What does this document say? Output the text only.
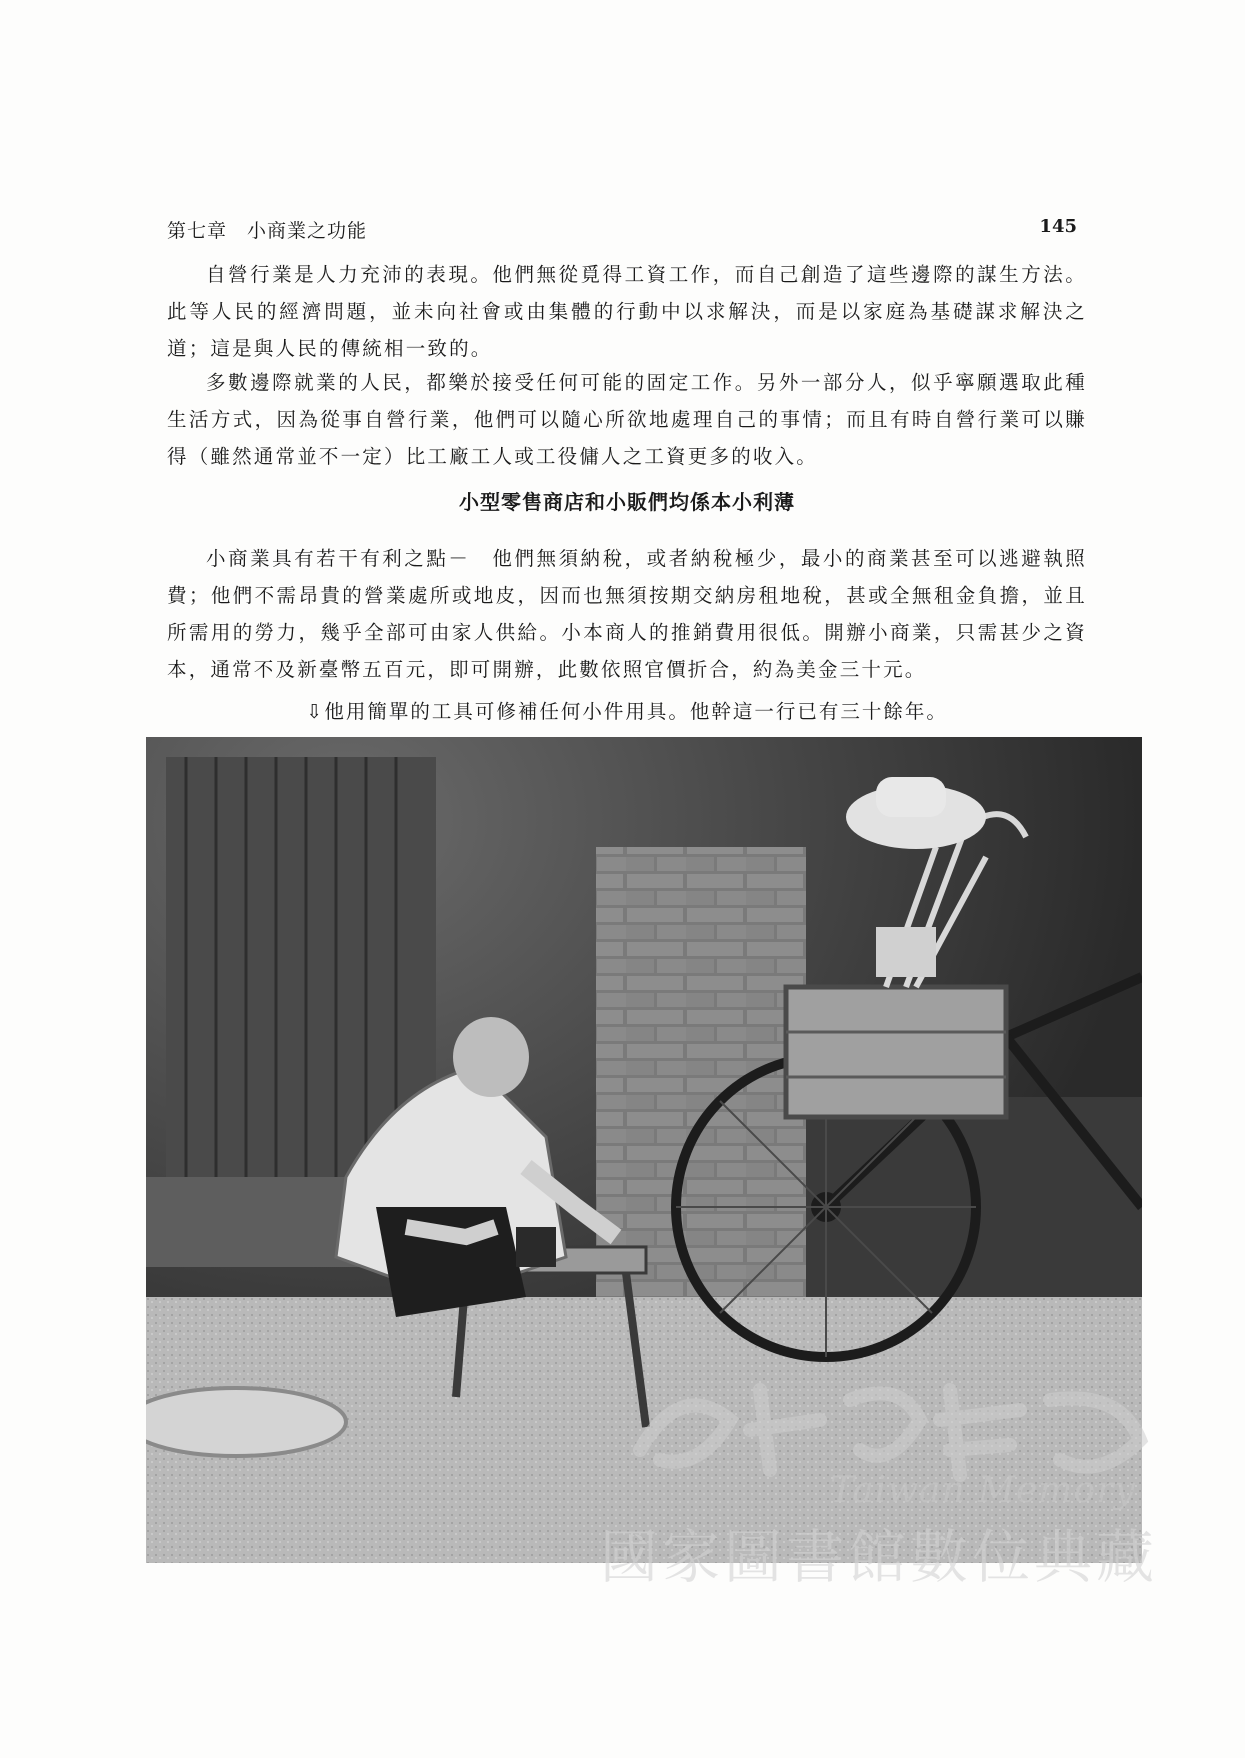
第七章　小商業之功能	145

自營行業是人力充沛的表現。他們無從覓得工資工作，而自己創造了這些邊際的謀生方法。此等人民的經濟問題，並未向社會或由集體的行動中以求解決，而是以家庭為基礎謀求解決之道；這是與人民的傳統相一致的。

多數邊際就業的人民，都樂於接受任何可能的固定工作。另外一部分人，似乎寧願選取此種生活方式，因為從事自營行業，他們可以隨心所欲地處理自己的事情；而且有時自營行業可以賺得（雖然通常並不一定）比工廠工人或工役傭人之工資更多的收入。

小型零售商店和小販們均係本小利薄

小商業具有若干有利之點－　他們無須納稅，或者納稅極少，最小的商業甚至可以逃避執照費；他們不需昂貴的營業處所或地皮，因而也無須按期交納房租地稅，甚或全無租金負擔，並且所需用的勞力，幾乎全部可由家人供給。小本商人的推銷費用很低。開辦小商業，只需甚少之資本，通常不及新臺幣五百元，即可開辦，此數依照官價折合，約為美金三十元。

⇩他用簡單的工具可修補任何小件用具。他幹這一行已有三十餘年。

Taiwan Memory
國家圖書館數位典藏
